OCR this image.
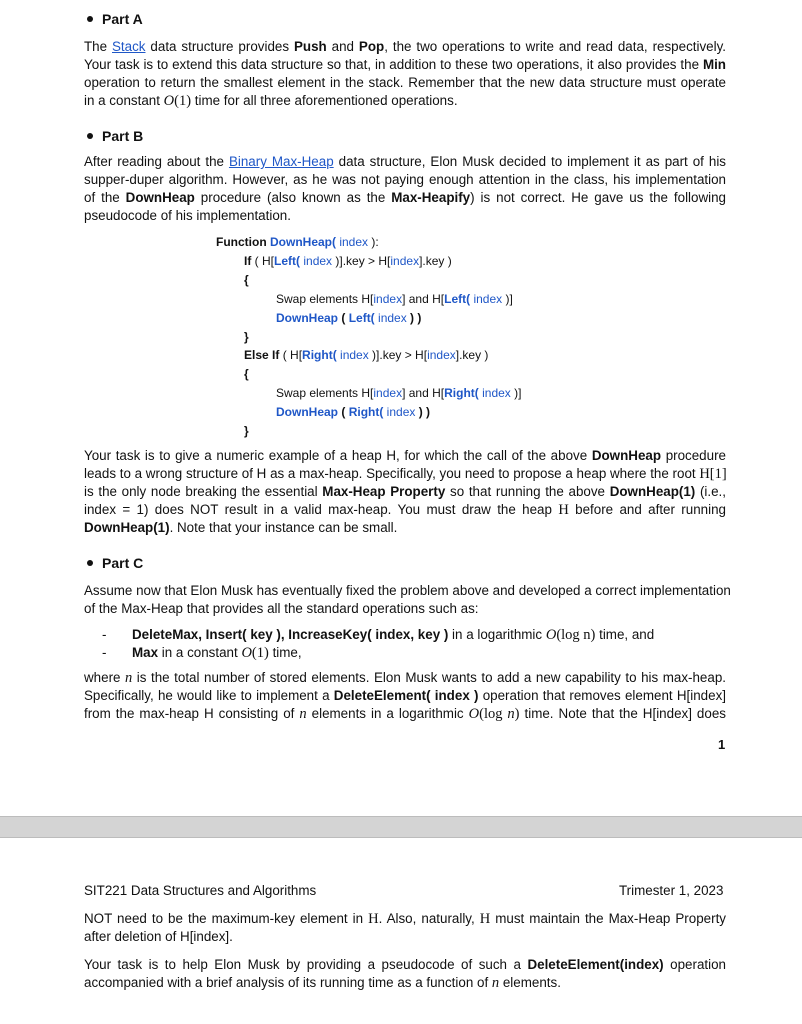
Part A
The Stack data structure provides Push and Pop, the two operations to write and read data, respectively.
Your task is to extend this data structure so that, in addition to these two operations, it also provides the Min
operation to return the smallest element in the stack. Remember that the new data structure must operate
in a constant O(1) time for all three aforementioned operations.
Part B
After reading about the Binary Max-Heap data structure, Elon Musk decided to implement it as part of his
supper-duper algorithm. However, as he was not paying enough attention in the class, his implementation
of the DownHeap procedure (also known as the Max-Heapify) is not correct. He gave us the following
pseudocode of his implementation.
Function DownHeap( index ):
If ( H[Left( index )].key > H[index].key )
{
Swap elements H[index] and H[Left( index )]
DownHeap ( Left( index ) )
}
Else If ( H[Right( index )].key > H[index].key )
{
Swap elements H[index] and H[Right( index )]
DownHeap ( Right( index ) )
}
Your task is to give a numeric example of a heap H, for which the call of the above DownHeap procedure
leads to a wrong structure of H as a max-heap. Specifically, you need to propose a heap where the root H[1]
is the only node breaking the essential Max-Heap Property so that running the above DownHeap(1) (i.e.,
index = 1) does NOT result in a valid max-heap. You must draw the heap H before and after running
DownHeap(1). Note that your instance can be small.
Part C
Assume now that Elon Musk has eventually fixed the problem above and developed a correct implementation
of the Max-Heap that provides all the standard operations such as:
- DeleteMax, Insert( key ), IncreaseKey( index, key ) in a logarithmic O(log n) time, and
- Max in a constant O(1) time,
where n is the total number of stored elements. Elon Musk wants to add a new capability to his max-heap.
Specifically, he would like to implement a DeleteElement( index ) operation that removes element H[index]
from the max-heap H consisting of n elements in a logarithmic O(log n) time. Note that the H[index] does
1
SIT221 Data Structures and Algorithms	Trimester 1, 2023
NOT need to be the maximum-key element in H. Also, naturally, H must maintain the Max-Heap Property
after deletion of H[index].
Your task is to help Elon Musk by providing a pseudocode of such a DeleteElement(index) operation
accompanied with a brief analysis of its running time as a function of n elements.
